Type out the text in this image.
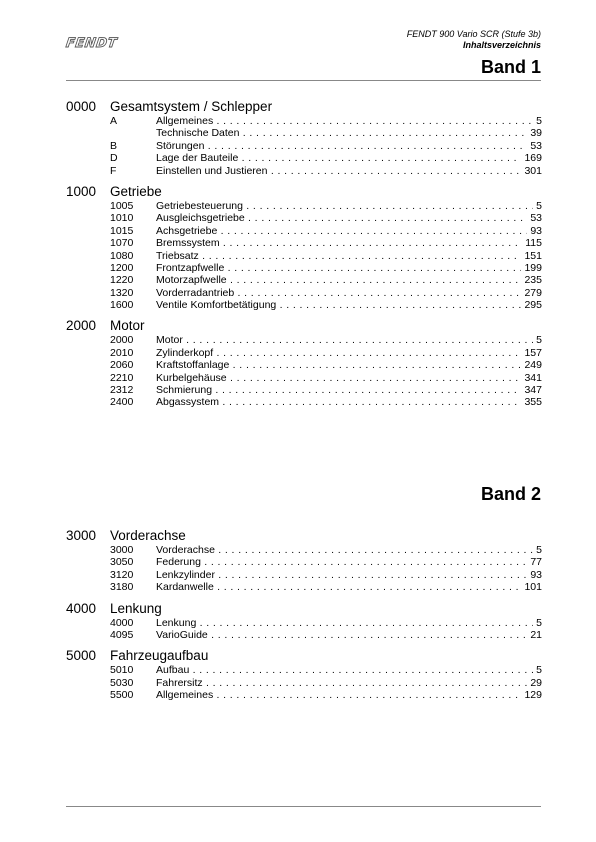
FENDT
FENDT 900 Vario SCR (Stufe 3b)
Inhaltsverzeichnis
Band 1
0000	Gesamtsystem / Schlepper
A	Allgemeines . . .	5
Technische Daten . . .	39
B	Störungen . . .	53
D	Lage der Bauteile . . .	169
F	Einstellen und Justieren . . .	301
1000	Getriebe
1005	Getriebesteuerung . . .	5
1010	Ausgleichsgetriebe . . .	53
1015	Achsgetriebe . . .	93
1070	Bremssystem . . .	115
1080	Triebsatz . . .	151
1200	Frontzapfwelle . . .	199
1220	Motorzapfwelle . . .	235
1320	Vorderradantrieb . . .	279
1600	Ventile Komfortbetätigung . . .	295
2000	Motor
2000	Motor . . .	5
2010	Zylinderkopf . . .	157
2060	Kraftstoffanlage . . .	249
2210	Kurbelgehäuse . . .	341
2312	Schmierung . . .	347
2400	Abgassystem . . .	355
Band 2
3000	Vorderachse
3000	Vorderachse . . .	5
3050	Federung . . .	77
3120	Lenkzylinder . . .	93
3180	Kardanwelle . . .	101
4000	Lenkung
4000	Lenkung . . .	5
4095	VarioGuide . . .	21
5000	Fahrzeugaufbau
5010	Aufbau . . .	5
5030	Fahrersitz . . .	29
5500	Allgemeines . . .	129
